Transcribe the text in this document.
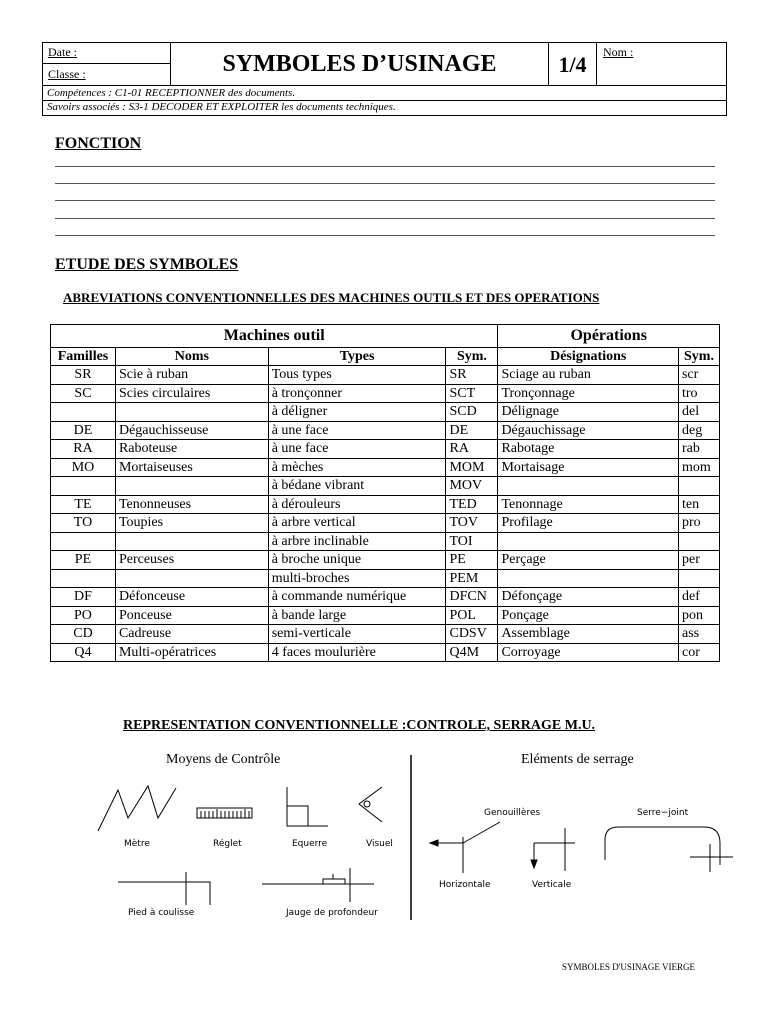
Date :
Classe :	SYMBOLES D’USINAGE	1/4	Nom :
Compétences : C1-01 RECEPTIONNER des documents.
Savoirs associés : S3-1 DECODER ET EXPLOITER les documents techniques.
FONCTION
ETUDE DES SYMBOLES
ABREVIATIONS CONVENTIONNELLES DES MACHINES OUTILS ET DES OPERATIONS
Machines outil				Opérations	
Familles	Noms	Types	Sym.	Désignations	Sym.
SR	Scie à ruban	Tous types	SR	Sciage au ruban	scr
SC	Scies circulaires	à tronçonner	SCT	Tronçonnage	tro
		à déligner	SCD	Délignage	del
DE	Dégauchisseuse	à une face	DE	Dégauchissage	deg
RA	Raboteuse	à une face	RA	Rabotage	rab
MO	Mortaiseuses	à mèches	MOM	Mortaisage	mom
		à bédane vibrant	MOV		
TE	Tenonneuses	à dérouleurs	TED	Tenonnage	ten
TO	Toupies	à arbre vertical	TOV	Profilage	pro
		à arbre inclinable	TOI		
PE	Perceuses	à broche unique	PE	Perçage	per
		multi-broches	PEM		
DF	Défonceuse	à commande numérique	DFCN	Défonçage	def
PO	Ponceuse	à bande large	POL	Ponçage	pon
CD	Cadreuse	semi-verticale	CDSV	Assemblage	ass
Q4	Multi-opératrices	4 faces moulurière	Q4M	Corroyage	cor
REPRESENTATION CONVENTIONNELLE :CONTROLE, SERRAGE M.U.
Moyens de Contrôle	Eléments de serrage
Mètre	Réglet	Equerre	Visuel
Pied à coulisse	Jauge de profondeur
Genouillères
Horizontale	Verticale
Serre−joint
SYMBOLES D'USINAGE VIERGE
